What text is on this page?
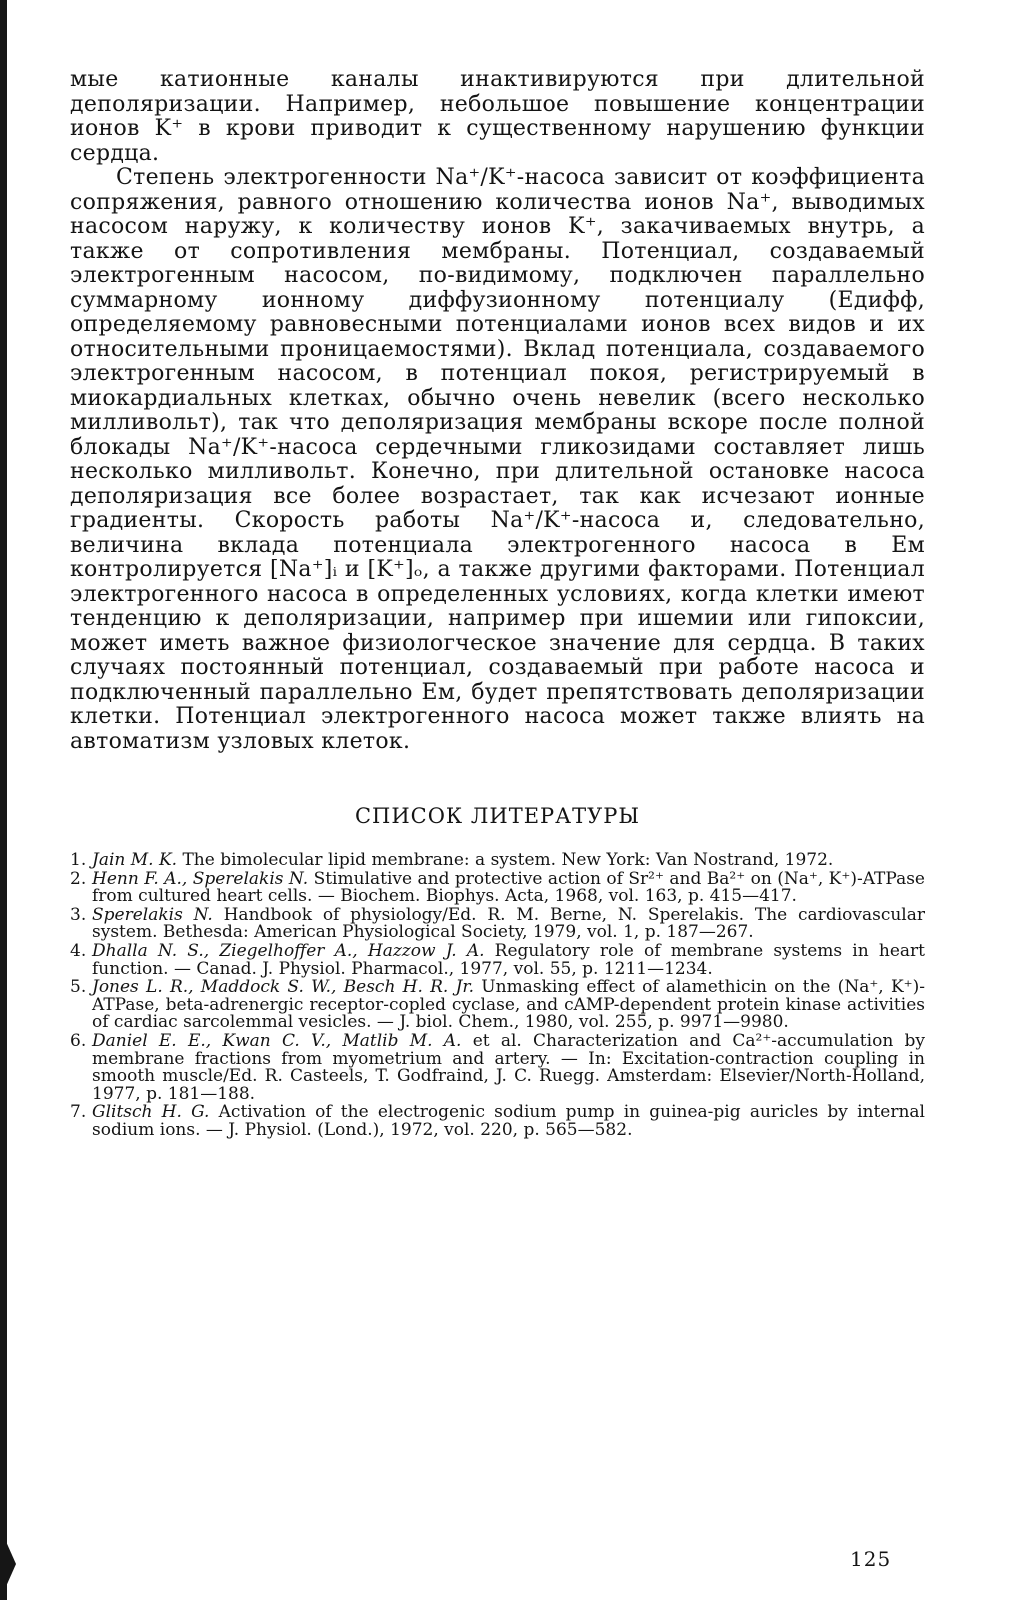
мые катионные каналы инактивируются при длительной деполяризации. Например, небольшое повышение концентрации ионов K⁺ в крови приводит к существенному нарушению функции сердца.

Степень электрогенности Na⁺/K⁺-насоса зависит от коэффициента сопряжения, равного отношению количества ионов Na⁺, выводимых насосом наружу, к количеству ионов K⁺, закачиваемых внутрь, а также от сопротивления мембраны. Потенциал, создаваемый электрогенным насосом, по-видимому, подключен параллельно суммарному ионному диффузионному потенциалу (Eдифф, определяемому равновесными потенциалами ионов всех видов и их относительными проницаемостями). Вклад потенциала, создаваемого электрогенным насосом, в потенциал покоя, регистрируемый в миокардиальных клетках, обычно очень невелик (всего несколько милливольт), так что деполяризация мембраны вскоре после полной блокады Na⁺/K⁺-насоса сердечными гликозидами составляет лишь несколько милливольт. Конечно, при длительной остановке насоса деполяризация все более возрастает, так как исчезают ионные градиенты. Скорость работы Na⁺/K⁺-насоса и, следовательно, величина вклада потенциала электрогенного насоса в Eм контролируется [Na⁺]ᵢ и [K⁺]ₒ, а также другими факторами. Потенциал электрогенного насоса в определенных условиях, когда клетки имеют тенденцию к деполяризации, например при ишемии или гипоксии, может иметь важное физиологческое значение для сердца. В таких случаях постоянный потенциал, создаваемый при работе насоса и подключенный параллельно Eм, будет препятствовать деполяризации клетки. Потенциал электрогенного насоса может также влиять на автоматизм узловых клеток.

СПИСОК ЛИТЕРАТУРЫ
1. Jain M. K. The bimolecular lipid membrane: a system. New York: Van Nostrand, 1972.
2. Henn F. A., Sperelakis N. Stimulative and protective action of Sr²⁺ and Ba²⁺ on (Na⁺, K⁺)-ATPase from cultured heart cells. — Biochem. Biophys. Acta, 1968, vol. 163, p. 415—417.
3. Sperelakis N. Handbook of physiology/Ed. R. M. Berne, N. Sperelakis. The cardiovascular system. Bethesda: American Physiological Society, 1979, vol. 1, p. 187—267.
4. Dhalla N. S., Ziegelhoffer A., Hazzow J. A. Regulatory role of membrane systems in heart function. — Canad. J. Physiol. Pharmacol., 1977, vol. 55, p. 1211—1234.
5. Jones L. R., Maddock S. W., Besch H. R. Jr. Unmasking effect of alamethicin on the (Na⁺, K⁺)-ATPase, beta-adrenergic receptor-copled cyclase, and cAMP-dependent protein kinase activities of cardiac sarcolemmal vesicles. — J. biol. Chem., 1980, vol. 255, p. 9971—9980.
6. Daniel E. E., Kwan C. V., Matlib M. A. et al. Characterization and Ca²⁺-accumulation by membrane fractions from myometrium and artery. — In: Excitation-contraction coupling in smooth muscle/Ed. R. Casteels, T. Godfraind, J. C. Ruegg. Amsterdam: Elsevier/North-Holland, 1977, p. 181—188.
7. Glitsch H. G. Activation of the electrogenic sodium pump in guinea-pig auricles by internal sodium ions. — J. Physiol. (Lond.), 1972, vol. 220, p. 565—582.
125
